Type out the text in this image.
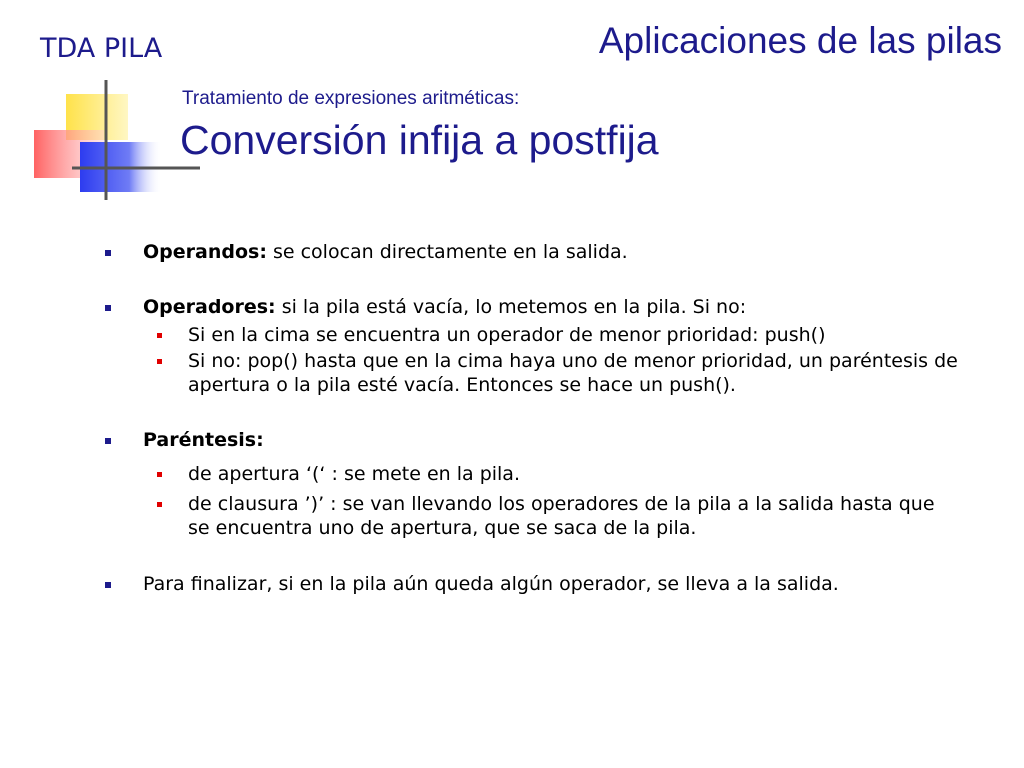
TDA PILA	Aplicaciones de las pilas
Tratamiento de expresiones aritméticas:
Conversión infija a postfija
Operandos: se colocan directamente en la salida.
Operadores: si la pila está vacía, lo metemos en la pila. Si no:
Si en la cima se encuentra un operador de menor prioridad: push()
Si no: pop() hasta que en la cima haya uno de menor prioridad, un paréntesis de apertura o la pila esté vacía. Entonces se hace un push().
Paréntesis:
de apertura ‘(‘ : se mete en la pila.
de clausura ’)’ : se van llevando los operadores de la pila a la salida hasta que se encuentra uno de apertura, que se saca de la pila.
Para finalizar, si en la pila aún queda algún operador, se lleva a la salida.
